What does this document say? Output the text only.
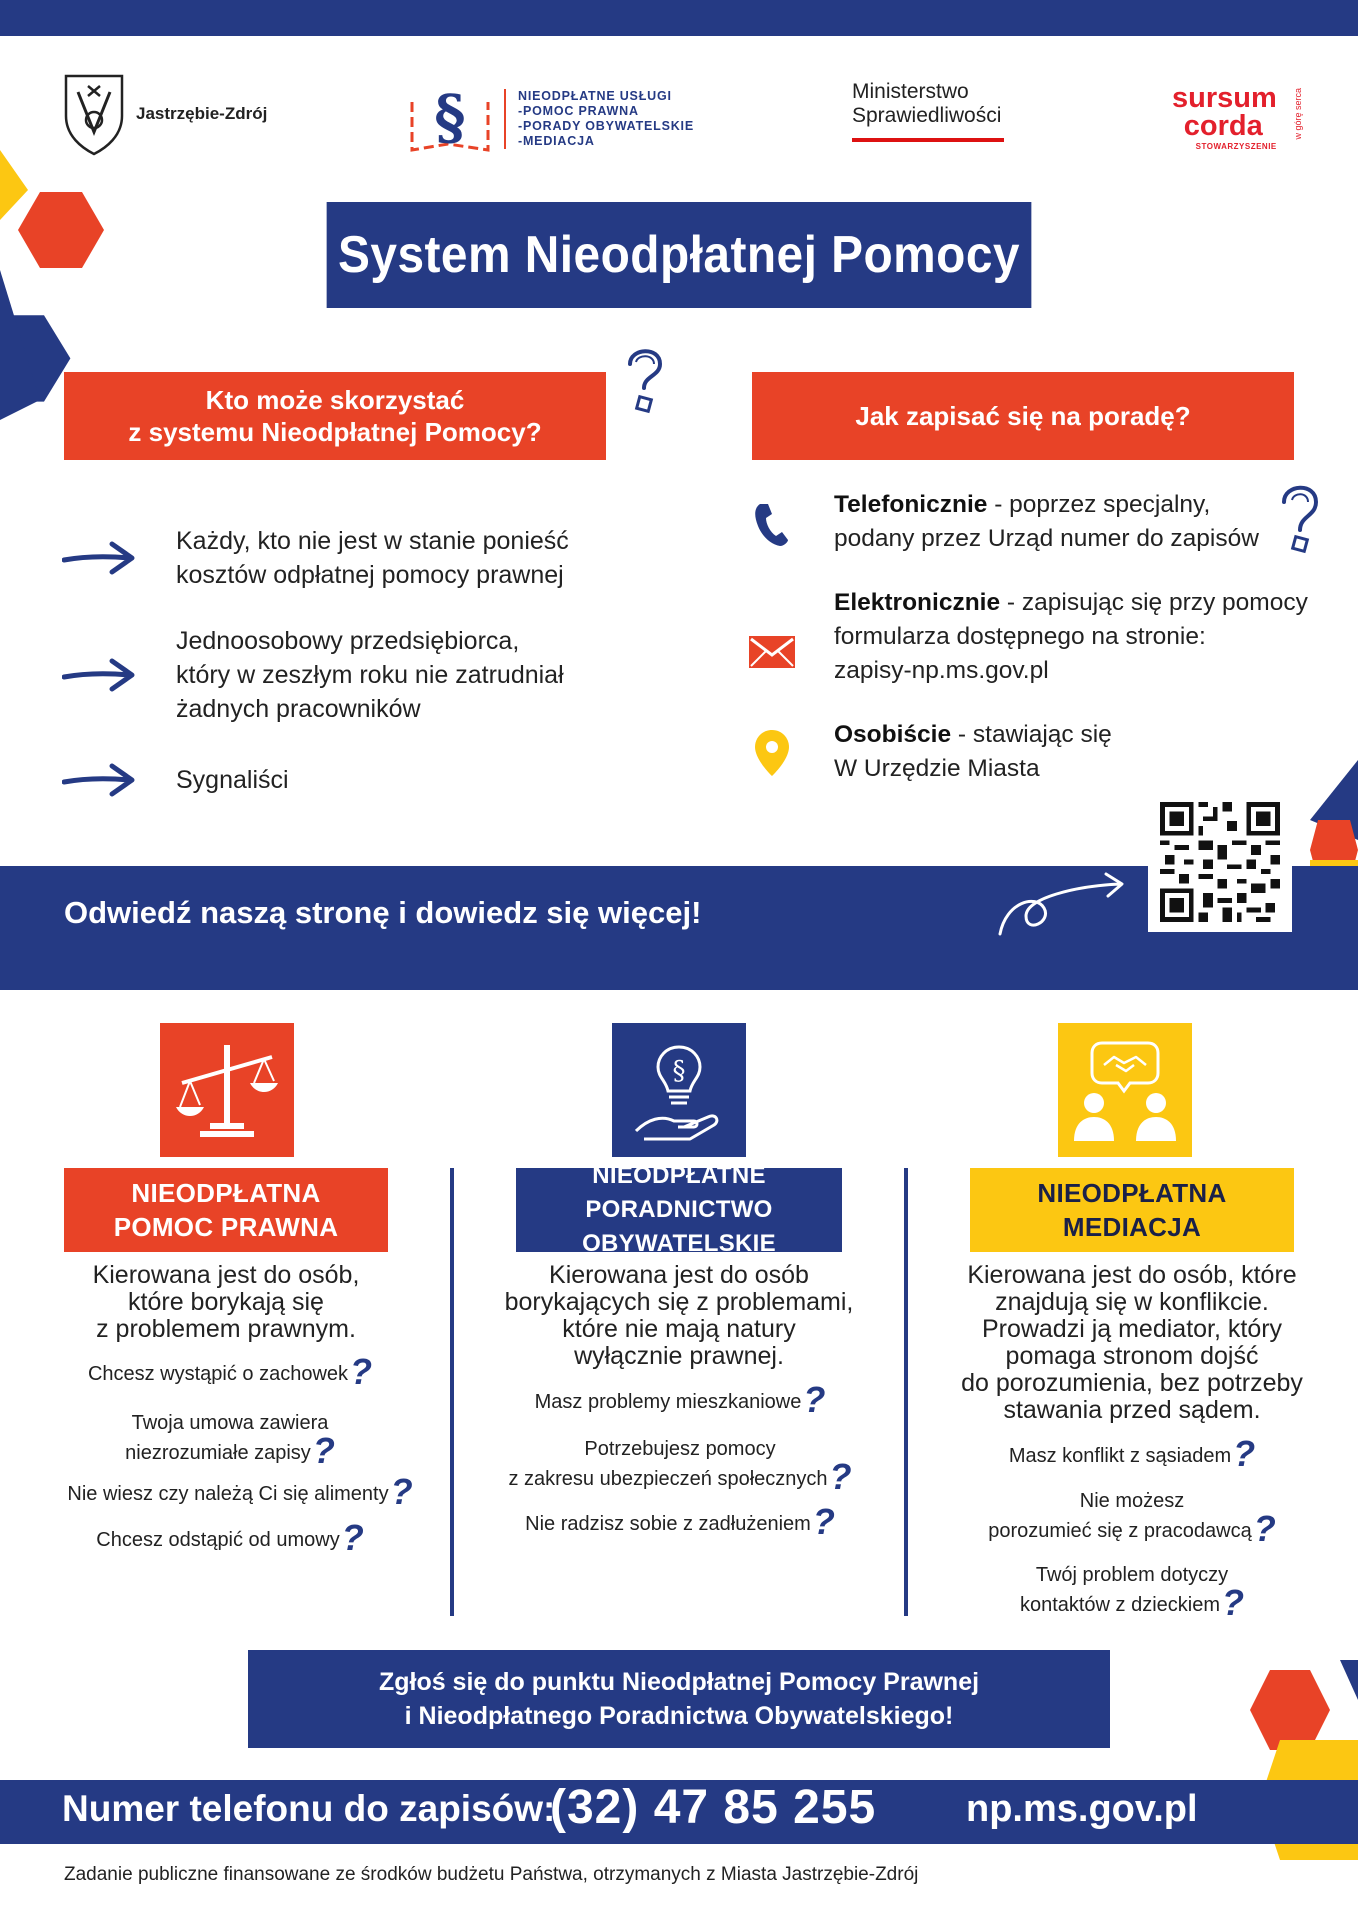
Jastrzębie-Zdrój	§	NIEODPŁATNE USŁUGI
-POMOC PRAWNA
-PORADY OBYWATELSKIE
-MEDIACJA
Ministerstwo
Sprawiedliwości
sursum
corda
STOWARZYSZENIE
w górę serca
System Nieodpłatnej Pomocy
Kto może skorzystać
z systemu Nieodpłatnej Pomocy?
Jak zapisać się na poradę?
Każdy, kto nie jest w stanie ponieść
kosztów odpłatnej pomocy prawnej
Jednoosobowy przedsiębiorca,
który w zeszłym roku nie zatrudniał
żadnych pracowników
Sygnaliści
Telefonicznie - poprzez specjalny,
podany przez Urząd numer do zapisów
Elektronicznie - zapisując się przy pomocy
formularza dostępnego na stronie:
zapisy-np.ms.gov.pl
Osobiście - stawiając się
W Urzędzie Miasta
Odwiedź naszą stronę i dowiedz się więcej!
NIEODPŁATNA
POMOC PRAWNA
Kierowana jest do osób,
które borykają się
z problemem prawnym.
Chcesz wystąpić o zachowek?
Twoja umowa zawiera
niezrozumiałe zapisy?
Nie wiesz czy należą Ci się alimenty?
Chcesz odstąpić od umowy?
§
NIEODPŁATNE
PORADNICTWO OBYWATELSKIE
Kierowana jest do osób
borykających się z problemami,
które nie mają natury
wyłącznie prawnej.
Masz problemy mieszkaniowe?
Potrzebujesz pomocy
z zakresu ubezpieczeń społecznych?
Nie radzisz sobie z zadłużeniem?
NIEODPŁATNA
MEDIACJA
Kierowana jest do osób, które
znajdują się w konflikcie.
Prowadzi ją mediator, który
pomaga stronom dojść
do porozumienia, bez potrzeby
stawania przed sądem.
Masz konflikt z sąsiadem?
Nie możesz
porozumieć się z pracodawcą?
Twój problem dotyczy
kontaktów z dzieckiem?
Zgłoś się do punktu Nieodpłatnej Pomocy Prawnej
i Nieodpłatnego Poradnictwa Obywatelskiego!
Numer telefonu do zapisów:
(32) 47 85 255 np.ms.gov.pl
Zadanie publiczne finansowane ze środków budżetu Państwa, otrzymanych z Miasta Jastrzębie-Zdrój
